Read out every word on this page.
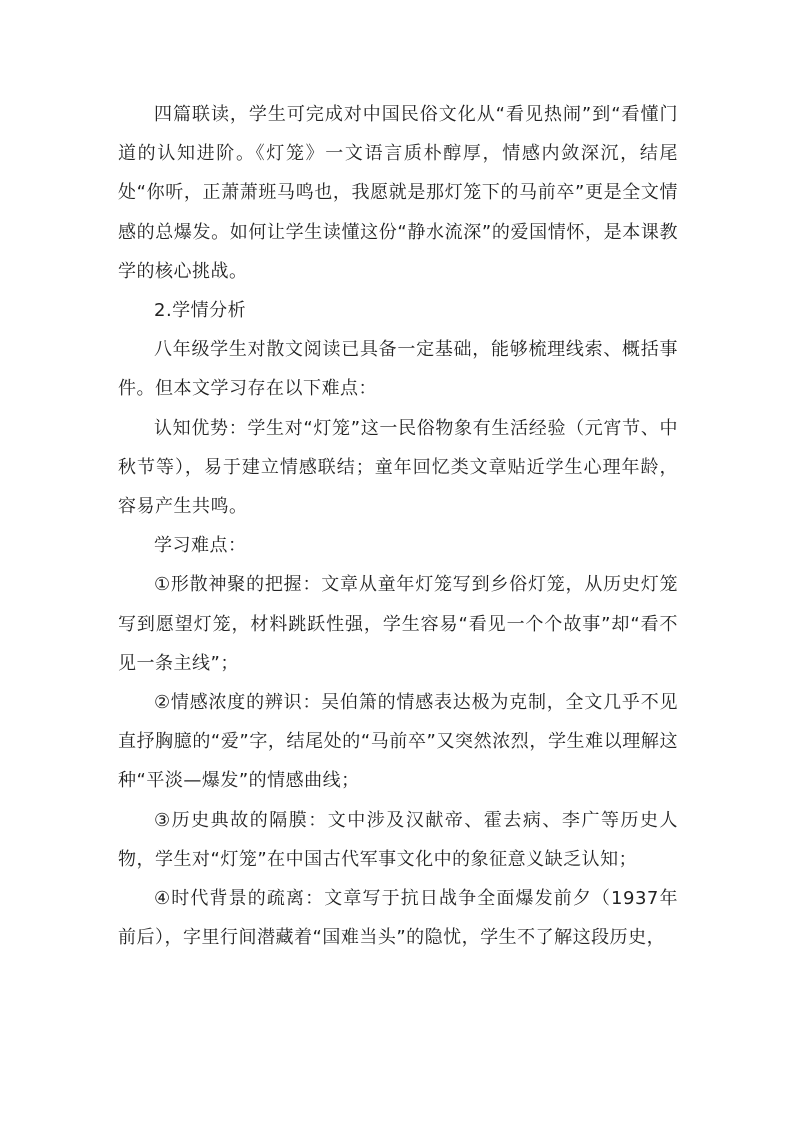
四篇联读，学生可完成对中国民俗文化从“看见热闹”到“看懂门道的认知进阶。《灯笼》一文语言质朴醇厚，情感内敛深沉，结尾处“你听，正萧萧班马鸣也，我愿就是那灯笼下的马前卒”更是全文情感的总爆发。如何让学生读懂这份“静水流深”的爱国情怀，是本课教学的核心挑战。

2.学情分析

八年级学生对散文阅读已具备一定基础，能够梳理线索、概括事件。但本文学习存在以下难点：

认知优势：学生对“灯笼”这一民俗物象有生活经验（元宵节、中秋节等），易于建立情感联结；童年回忆类文章贴近学生心理年龄，容易产生共鸣。

学习难点：

①形散神聚的把握：文章从童年灯笼写到乡俗灯笼，从历史灯笼写到愿望灯笼，材料跳跃性强，学生容易“看见一个个故事”却“看不见一条主线”；

②情感浓度的辨识：吴伯箫的情感表达极为克制，全文几乎不见直抒胸臆的“爱”字，结尾处的“马前卒”又突然浓烈，学生难以理解这种“平淡—爆发”的情感曲线；

③历史典故的隔膜：文中涉及汉献帝、霍去病、李广等历史人物，学生对“灯笼”在中国古代军事文化中的象征意义缺乏认知；

④时代背景的疏离：文章写于抗日战争全面爆发前夕（1937年前后），字里行间潜藏着“国难当头”的隐忧，学生不了解这段历史，
